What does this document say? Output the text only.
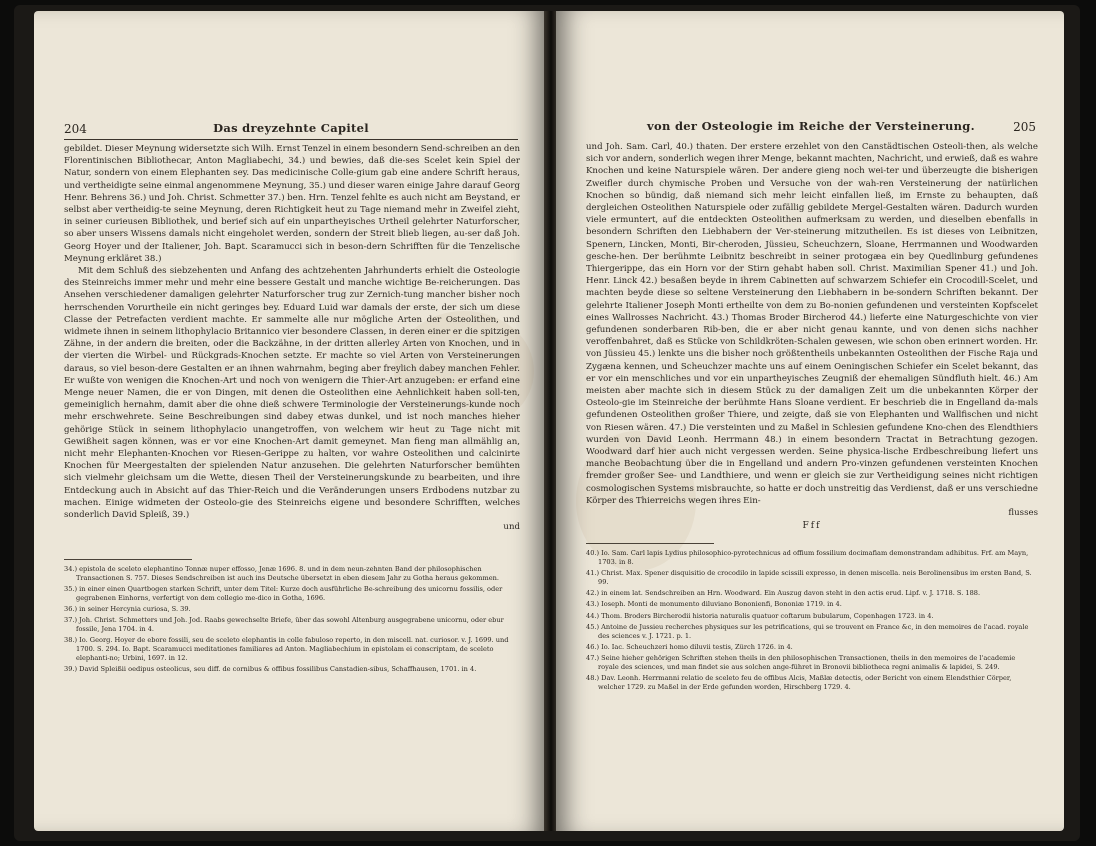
204	Das dreyzehnte Capitel

gebildet. Dieser Meynung widersetzte sich Wilh. Ernst Tenzel in einem besondern Send-schreiben an den Florentinischen Bibliothecar, Anton Magliabechi, 34.) und bewies, daß die-ses Scelet kein Spiel der Natur, sondern von einem Elephanten sey. Das medicinische Colle-gium gab eine andere Schrift heraus, und vertheidigte seine einmal angenommene Meynung, 35.) und dieser waren einige Jahre darauf Georg Henr. Behrens 36.) und Joh. Christ. Schmetter 37.) ben. Hrn. Tenzel fehlte es auch nicht am Beystand, er selbst aber vertheidig-te seine Meynung, deren Richtigkeit heut zu Tage niemand mehr in Zweifel zieht, in seiner curieusen Bibliothek, und berief sich auf ein unpartheyisches Urtheil gelehrter Naturforscher, so aber unsers Wissens damals nicht eingeholet werden, sondern der Streit blieb liegen, au-ser daß Joh. Georg Hoyer und der Italiener, Joh. Bapt. Scaramucci sich in beson-dern Schrifften für die Tenzelische Meynung erkläret 38.)

Mit dem Schluß des siebzehenten und Anfang des achtzehenten Jahrhunderts erhielt die Osteologie des Steinreichs immer mehr und mehr eine bessere Gestalt und manche wichtige Be-reicherungen. Das Ansehen verschiedener damaligen gelehrter Naturforscher trug zur Zernich-tung mancher bisher noch herrschenden Vorurtheile ein nicht geringes bey. Eduard Luid war damals der erste, der sich um diese Classe der Petrefacten verdient machte. Er sammelte alle nur mögliche Arten der Osteolithen, und widmete ihnen in seinem lithophylacio Britannico vier besondere Classen, in deren einer er die spitzigen Zähne, in der andern die breiten, oder die Backzähne, in der dritten allerley Arten von Knochen, und in der vierten die Wirbel- und Rückgrads-Knochen setzte. Er machte so viel Arten von Versteinerungen daraus, so viel beson-dere Gestalten er an ihnen wahrnahm, beging aber freylich dabey manchen Fehler. Er wußte von wenigen die Knochen-Art und noch von wenigern die Thier-Art anzugeben: er erfand eine Menge neuer Namen, die er von Dingen, mit denen die Osteolithen eine Aehnlichkeit haben soll-ten, gemeiniglich hernahm, damit aber die ohne dieß schwere Terminologie der Versteinerungs-kunde noch mehr erschwehrete. Seine Beschreibungen sind dabey etwas dunkel, und ist noch manches hieher gehörige Stück in seinem lithophylacio unangetroffen, von welchem wir heut zu Tage nicht mit Gewißheit sagen können, was er vor eine Knochen-Art damit gemeynet. Man fieng man allmählig an, nicht mehr Elephanten-Knochen vor Riesen-Gerippe zu halten, vor wahre Osteolithen und calcinirte Knochen für Meergestalten der spielenden Natur anzusehen. Die gelehrten Naturforscher bemühten sich vielmehr gleichsam um die Wette, diesen Theil der Versteinerungskunde zu bearbeiten, und ihre Entdeckung auch in Absicht auf das Thier-Reich und die Veränderungen unsers Erdbodens nutzbar zu machen. Einige widmeten der Osteolo-gie des Steinreichs eigene und besondere Schrifften, welches sonderlich David Spleiß, 39.)

und

34.) epistola de sceleto elephantino Tonnæ nuper effosso, Jenæ 1696. 8. und in dem neun-zehnten Band der philosophischen Transactionen S. 757. Dieses Sendschreiben ist auch ins Deutsche übersetzt in eben diesem Jahr zu Gotha heraus gekommen.

35.) in einer einen Quartbogen starken Schrift, unter dem Titel: Kurze doch ausführliche Be-schreibung des unicornu fossilis, oder gegrabenen Einhorns, verfertigt von dem collegio me-dico in Gotha, 1696.

36.) in seiner Hercynia curiosa, S. 39.

37.) Joh. Christ. Schmetters und Joh. Jod. Raabs gewechselte Briefe, über das sowohl Altenburg ausgegrabene unicornu, oder ebur fossile, Jena 1704. in 4.

38.) Io. Georg. Hoyer de ebore fossili, seu de sceleto elephantis in colle fabuloso reperto, in den miscell. nat. curiosor. v. J. 1699. und 1700. S. 294. Io. Bapt. Scaramucci meditationes familiares ad Anton. Magliabechium in epistolam ei conscriptam, de sceleto elephanti-no; Urbini, 1697. in 12.

39.) David Spleißii oedipus osteolicus, seu diff. de cornibus & offibus fossilibus Canstadien-sibus, Schaffhausen, 1701. in 4.

von der Osteologie im Reiche der Versteinerung.	205

und Joh. Sam. Carl, 40.) thaten. Der erstere erzehlet von den Canstädtischen Osteoli-then, als welche sich vor andern, sonderlich wegen ihrer Menge, bekannt machten, Nachricht, und erwieß, daß es wahre Knochen und keine Naturspiele wären. Der andere gieng noch wei-ter und überzeugte die bisherigen Zweifler durch chymische Proben und Versuche von der wah-ren Versteinerung der natürlichen Knochen so bündig, daß niemand sich mehr leicht einfallen ließ, im Ernste zu behaupten, daß dergleichen Osteolithen Naturspiele oder zufällig gebildete Mergel-Gestalten wären. Dadurch wurden viele ermuntert, auf die entdeckten Osteolithen aufmerksam zu werden, und dieselben ebenfalls in besondern Schriften den Liebhabern der Ver-steinerung mitzutheilen. Es ist dieses von Leibnitzen, Spenern, Lincken, Monti, Bir-cheroden, Jüssieu, Scheuchzern, Sloane, Herrmannen und Woodwarden gesche-hen. Der berühmte Leibnitz beschreibt in seiner protogæa ein bey Quedlinburg gefundenes Thiergerippe, das ein Horn vor der Stirn gehabt haben soll. Christ. Maximilian Spener 41.) und Joh. Henr. Linck 42.) besaßen beyde in ihrem Cabinetten auf schwarzem Schiefer ein Crocodill-Scelet, und machten beyde diese so seltene Versteinerung den Liebhabern in be-sondern Schriften bekannt. Der gelehrte Italiener Joseph Monti ertheilte von dem zu Bo-nonien gefundenen und versteinten Kopfscelet eines Wallrosses Nachricht. 43.) Thomas Broder Bircherod 44.) lieferte eine Naturgeschichte von vier gefundenen sonderbaren Rib-ben, die er aber nicht genau kannte, und von denen sichs nachher veroffenbahret, daß es Stücke von Schildkröten-Schalen gewesen, wie schon oben erinnert worden. Hr. von Jüssieu 45.) lenkte uns die bisher noch größtentheils unbekannten Osteolithen der Fische Raja und Zygæna kennen, und Scheuchzer machte uns auf einem Oeningischen Schiefer ein Scelet bekannt, das er vor ein menschliches und vor ein unpartheyisches Zeugniß der ehemaligen Sündfluth hielt. 46.) Am meisten aber machte sich in diesem Stück zu der damaligen Zeit um die unbekannten Körper der Osteolo-gie im Steinreiche der berühmte Hans Sloane verdient. Er beschrieb die in Engelland da-mals gefundenen Osteolithen großer Thiere, und zeigte, daß sie von Elephanten und Wallfischen und nicht von Riesen wären. 47.) Die versteinten und zu Maßel in Schlesien gefundene Kno-chen des Elendthiers wurden von David Leonh. Herrmann 48.) in einem besondern Tractat in Betrachtung gezogen. Woodward darf hier auch nicht vergessen werden. Seine physica-lische Erdbeschreibung liefert uns manche Beobachtung über die in Engelland und andern Pro-vinzen gefundenen versteinten Knochen fremder großer See- und Landthiere, und wenn er gleich sie zur Vertheidigung seines nicht richtigen cosmologischen Systems misbrauchte, so hatte er doch unstreitig das Verdienst, daß er uns verschiedne Körper des Thierreichs wegen ihres Ein-

flusses
Fff

40.) Io. Sam. Carl lapis Lydius philosophico-pyrotechnicus ad offium fossilium docimafiam demonstrandam adhibitus. Frf. am Mayn, 1703. in 8.

41.) Christ. Max. Spener disquisitio de crocodilo in lapide scissili expresso, in denen miscella. neis Berolinensibus im ersten Band, S. 99.

42.) in einem lat. Sendschreiben an Hrn. Woodward. Ein Auszug davon steht in den actis erud. Lipf. v. J. 1718. S. 188.

43.) Ioseph. Monti de monumento diluviano Bononienfi, Bononiæ 1719. in 4.

44.) Thom. Broders Bircherodii historia naturalis quatuor coftarum bubularum, Copenhagen 1723. in 4.

45.) Antoine de Jussieu recherches physiques sur les petrifications, qui se trouvent en France &c, in den memoires de l'acad. royale des sciences v. J. 1721. p. 1.

46.) Io. Iac. Scheuchzeri homo diluvii testis, Zürch 1726. in 4.

47.) Seine hieher gehörigen Schriften stehen theils in den philosophischen Transactionen, theils in den memoires de l'academie royale des sciences, und man findet sie aus solchen ange-führet in Bronovii bibliotheca regni animalis & lapidei, S. 249.

48.) Dav. Leonh. Herrmanni relatio de sceleto feu de offibus Alcis, Maßlæ detectis, oder Bericht von einem Elendsthier Cörper, welcher 1729. zu Maßel in der Erde gefunden worden, Hirschberg 1729. 4.
